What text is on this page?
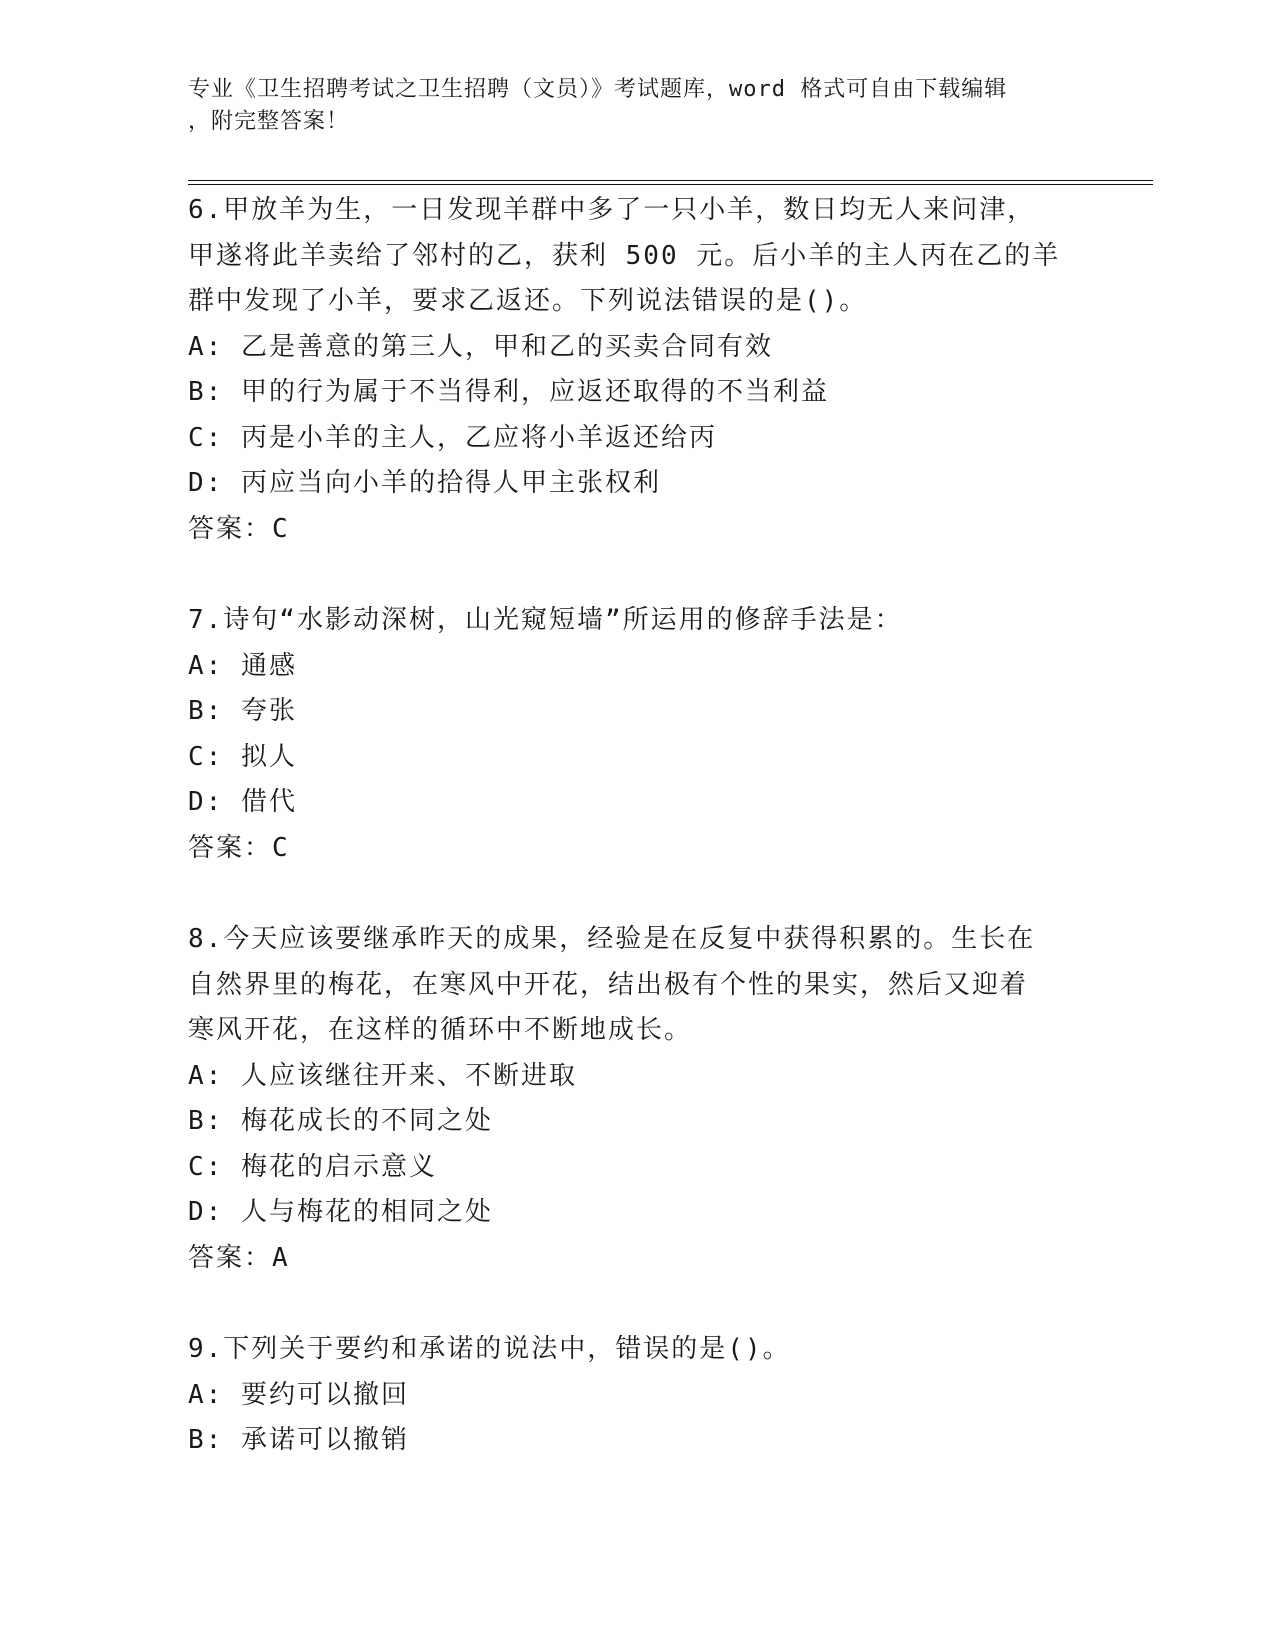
专业《卫生招聘考试之卫生招聘（文员）》考试题库，word 格式可自由下载编辑
，附完整答案！
6.甲放羊为生，一日发现羊群中多了一只小羊，数日均无人来问津，
甲遂将此羊卖给了邻村的乙，获利 500 元。后小羊的主人丙在乙的羊
群中发现了小羊，要求乙返还。下列说法错误的是()。
A: 乙是善意的第三人，甲和乙的买卖合同有效
B: 甲的行为属于不当得利，应返还取得的不当利益
C: 丙是小羊的主人，乙应将小羊返还给丙
D: 丙应当向小羊的拾得人甲主张权利
答案：C
7.诗句“水影动深树，山光窥短墙”所运用的修辞手法是：
A: 通感
B: 夸张
C: 拟人
D: 借代
答案：C
8.今天应该要继承昨天的成果，经验是在反复中获得积累的。生长在
自然界里的梅花，在寒风中开花，结出极有个性的果实，然后又迎着
寒风开花，在这样的循环中不断地成长。
A: 人应该继往开来、不断进取
B: 梅花成长的不同之处
C: 梅花的启示意义
D: 人与梅花的相同之处
答案：A
9.下列关于要约和承诺的说法中，错误的是()。
A: 要约可以撤回
B: 承诺可以撤销
